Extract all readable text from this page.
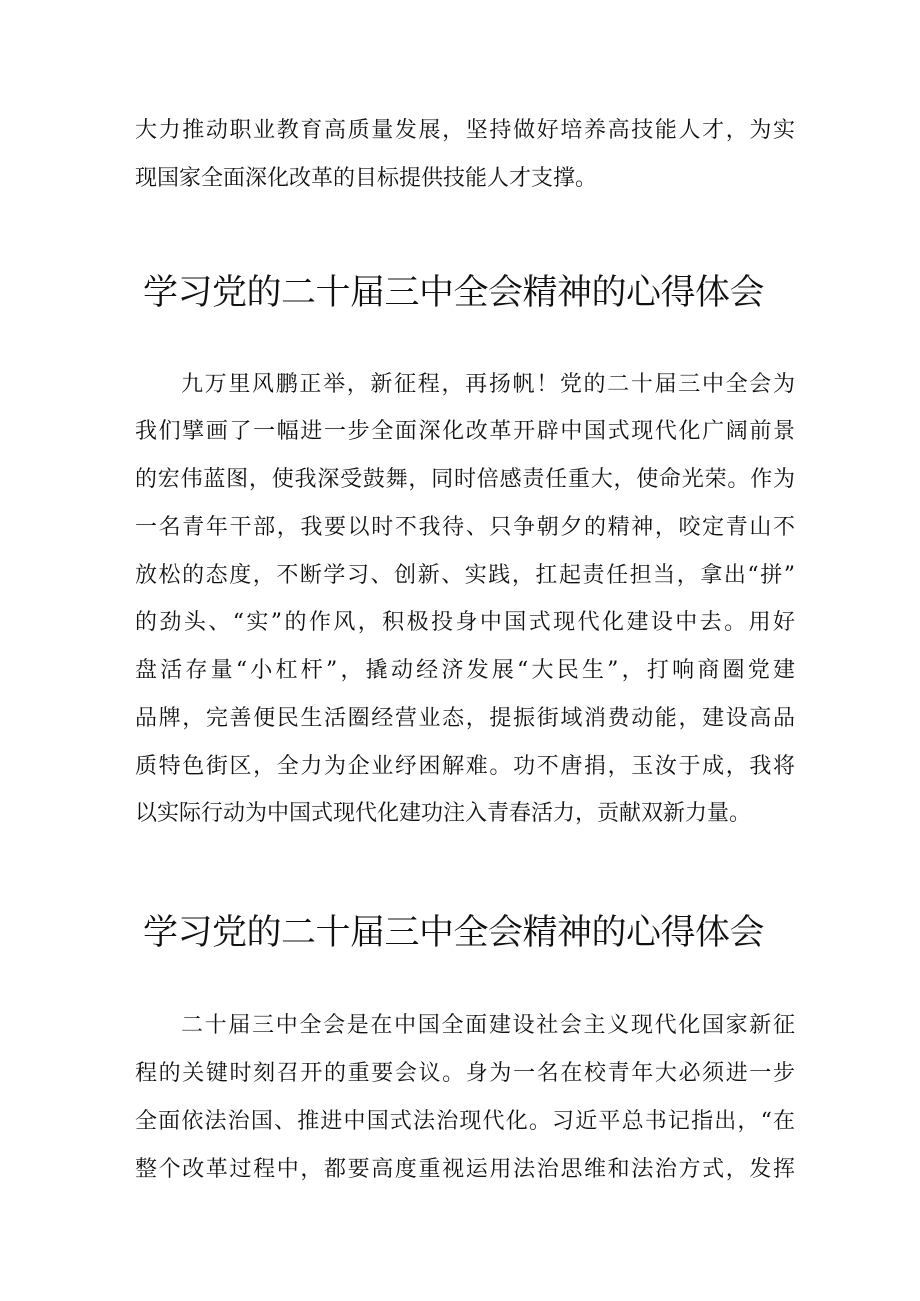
大力推动职业教育高质量发展，坚持做好培养高技能人才，为实
现国家全面深化改革的目标提供技能人才支撑。
学习党的二十届三中全会精神的心得体会
九万里风鹏正举，新征程，再扬帆！党的二十届三中全会为
我们擘画了一幅进一步全面深化改革开辟中国式现代化广阔前景
的宏伟蓝图，使我深受鼓舞，同时倍感责任重大，使命光荣。作为
一名青年干部，我要以时不我待、只争朝夕的精神，咬定青山不
放松的态度，不断学习、创新、实践，扛起责任担当，拿出“拼”
的劲头、“实”的作风，积极投身中国式现代化建设中去。用好
盘活存量“小杠杆”，撬动经济发展“大民生”，打响商圈党建
品牌，完善便民生活圈经营业态，提振街域消费动能，建设高品
质特色街区，全力为企业纾困解难。功不唐捐，玉汝于成，我将
以实际行动为中国式现代化建功注入青春活力，贡献双新力量。
学习党的二十届三中全会精神的心得体会
二十届三中全会是在中国全面建设社会主义现代化国家新征
程的关键时刻召开的重要会议。身为一名在校青年大必须进一步
全面依法治国、推进中国式法治现代化。习近平总书记指出，“在
整个改革过程中，都要高度重视运用法治思维和法治方式，发挥
